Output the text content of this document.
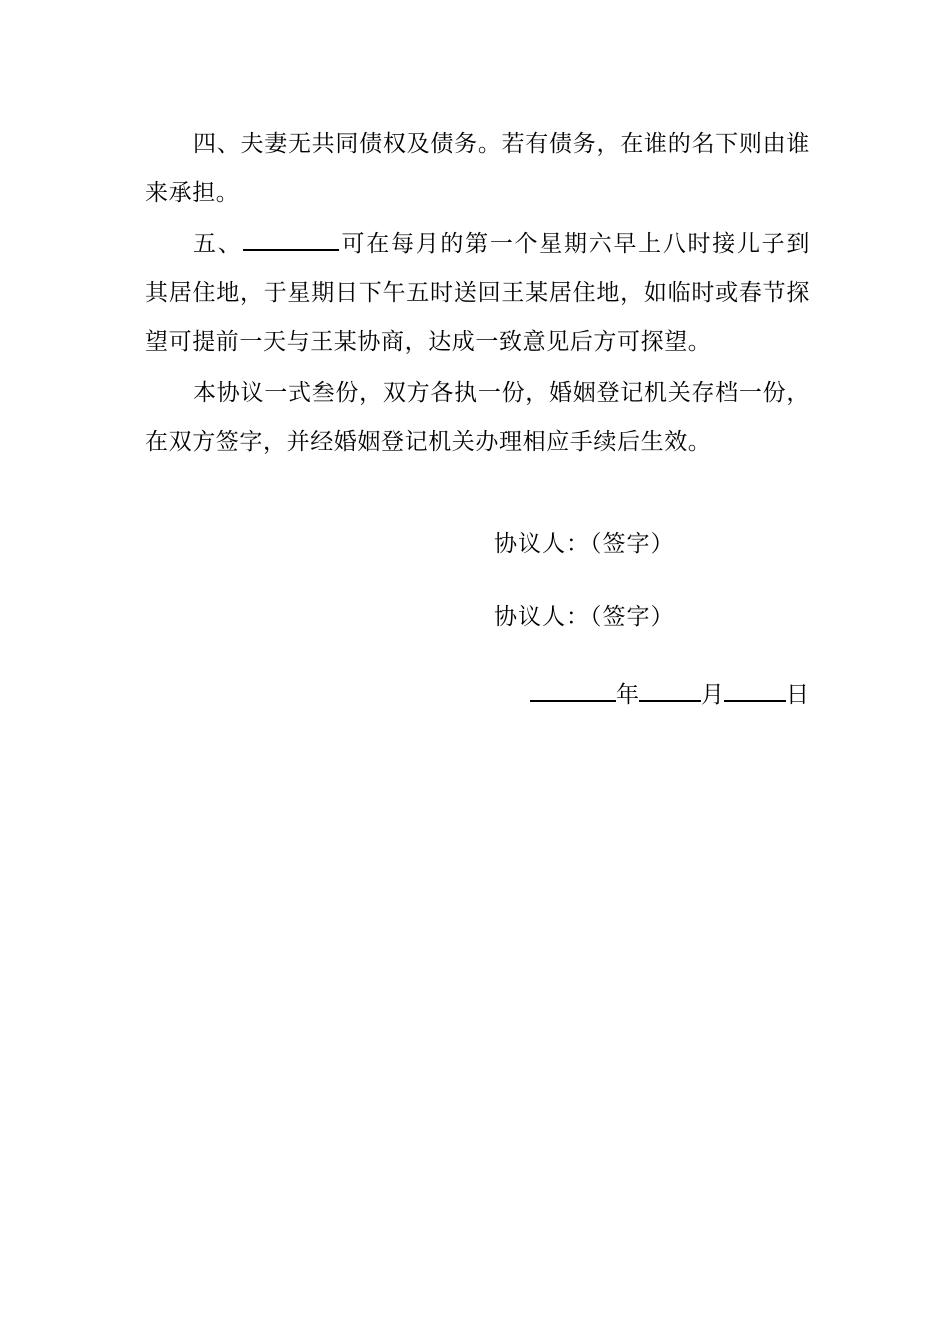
四、夫妻无共同债权及债务。若有债务，在谁的名下则由谁来承担。

五、	可在每月的第一个星期六早上八时接儿子到其居住地，于星期日下午五时送回王某居住地，如临时或春节探望可提前一天与王某协商，达成一致意见后方可探望。

本协议一式叁份，双方各执一份，婚姻登记机关存档一份，在双方签字，并经婚姻登记机关办理相应手续后生效。

协议人：（签字）
协议人：（签字）
年	月	日
